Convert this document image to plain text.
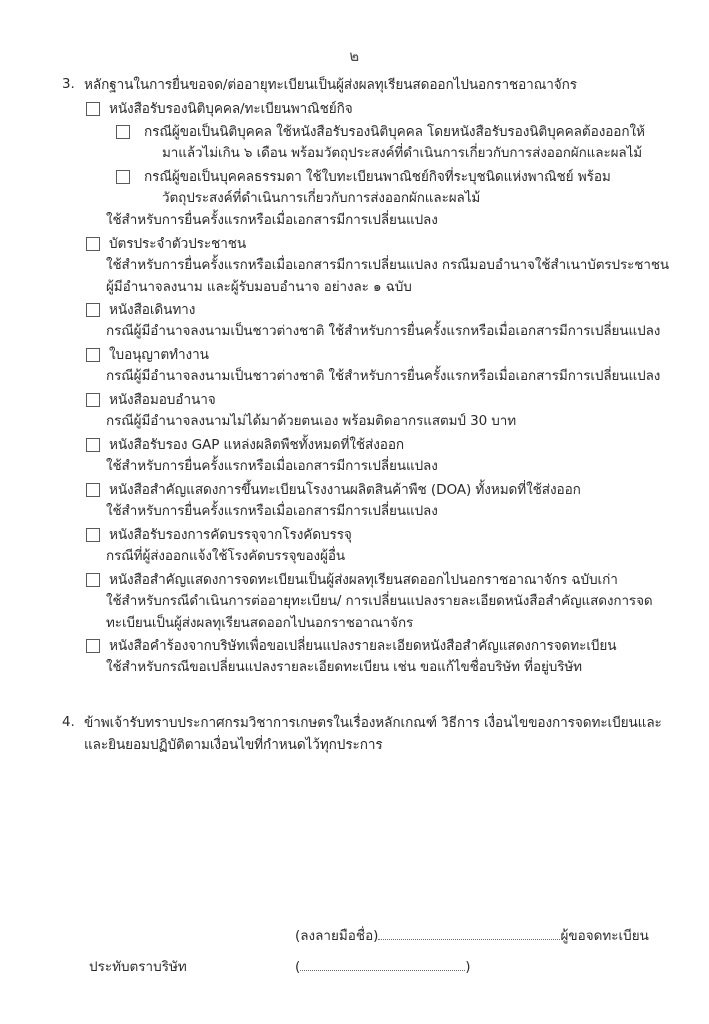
๒
3. หลักฐานในการยื่นขอจด/ต่ออายุทะเบียนเป็นผู้ส่งผลทุเรียนสดออกไปนอกราชอาณาจักร
หนังสือรับรองนิติบุคคล/ทะเบียนพาณิชย์กิจ
กรณีผู้ขอเป็นนิติบุคคล ใช้หนังสือรับรองนิติบุคคล โดยหนังสือรับรองนิติบุคคลต้องออกให้
มาแล้วไม่เกิน ๖ เดือน พร้อมวัตถุประสงค์ที่ดำเนินการเกี่ยวกับการส่งออกผักและผลไม้
กรณีผู้ขอเป็นบุคคลธรรมดา ใช้ใบทะเบียนพาณิชย์กิจที่ระบุชนิดแห่งพาณิชย์ พร้อม
วัตถุประสงค์ที่ดำเนินการเกี่ยวกับการส่งออกผักและผลไม้
ใช้สำหรับการยื่นครั้งแรกหรือเมื่อเอกสารมีการเปลี่ยนแปลง
บัตรประจำตัวประชาชน
ใช้สำหรับการยื่นครั้งแรกหรือเมื่อเอกสารมีการเปลี่ยนแปลง กรณีมอบอำนาจใช้สำเนาบัตรประชาชน
ผู้มีอำนาจลงนาม และผู้รับมอบอำนาจ อย่างละ ๑ ฉบับ
หนังสือเดินทาง
กรณีผู้มีอำนาจลงนามเป็นชาวต่างชาติ ใช้สำหรับการยื่นครั้งแรกหรือเมื่อเอกสารมีการเปลี่ยนแปลง
ใบอนุญาตทำงาน
กรณีผู้มีอำนาจลงนามเป็นชาวต่างชาติ ใช้สำหรับการยื่นครั้งแรกหรือเมื่อเอกสารมีการเปลี่ยนแปลง
หนังสือมอบอำนาจ
กรณีผู้มีอำนาจลงนามไม่ได้มาด้วยตนเอง พร้อมติดอากรแสตมป์ 30 บาท
หนังสือรับรอง GAP แหล่งผลิตพืชทั้งหมดที่ใช้ส่งออก
ใช้สำหรับการยื่นครั้งแรกหรือเมื่อเอกสารมีการเปลี่ยนแปลง
หนังสือสำคัญแสดงการขึ้นทะเบียนโรงงานผลิตสินค้าพืช (DOA) ทั้งหมดที่ใช้ส่งออก
ใช้สำหรับการยื่นครั้งแรกหรือเมื่อเอกสารมีการเปลี่ยนแปลง
หนังสือรับรองการคัดบรรจุจากโรงคัดบรรจุ
กรณีที่ผู้ส่งออกแจ้งใช้โรงคัดบรรจุของผู้อื่น
หนังสือสำคัญแสดงการจดทะเบียนเป็นผู้ส่งผลทุเรียนสดออกไปนอกราชอาณาจักร ฉบับเก่า
ใช้สำหรับกรณีดำเนินการต่ออายุทะเบียน/ การเปลี่ยนแปลงรายละเอียดหนังสือสำคัญแสดงการจด
ทะเบียนเป็นผู้ส่งผลทุเรียนสดออกไปนอกราชอาณาจักร
หนังสือคำร้องจากบริษัทเพื่อขอเปลี่ยนแปลงรายละเอียดหนังสือสำคัญแสดงการจดทะเบียน
ใช้สำหรับกรณีขอเปลี่ยนแปลงรายละเอียดทะเบียน เช่น ขอแก้ไขชื่อบริษัท ที่อยู่บริษัท
4. ข้าพเจ้ารับทราบประกาศกรมวิชาการเกษตรในเรื่องหลักเกณฑ์ วิธีการ เงื่อนไขของการจดทะเบียนและ
และยินยอมปฏิบัติตามเงื่อนไขที่กำหนดไว้ทุกประการ
(ลงลายมือชื่อ)	ผู้ขอจดทะเบียน
ประทับตราบริษัท	(	)
